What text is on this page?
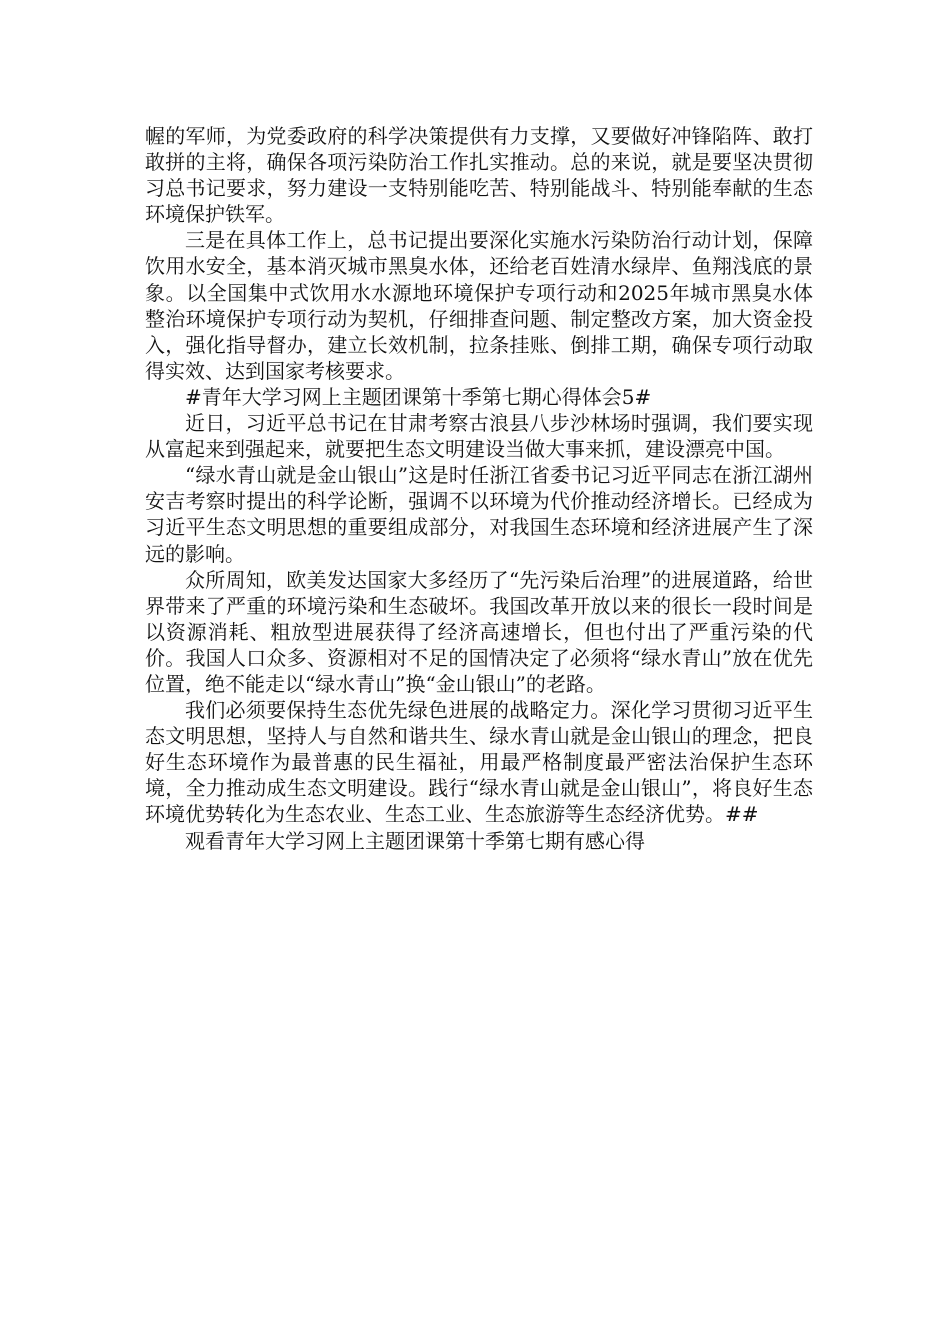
幄的军师，为党委政府的科学决策提供有力支撑，又要做好冲锋陷阵、敢打敢拼的主将，确保各项污染防治工作扎实推动。总的来说，就是要坚决贯彻习总书记要求，努力建设一支特别能吃苦、特别能战斗、特别能奉献的生态环境保护铁军。

三是在具体工作上，总书记提出要深化实施水污染防治行动计划，保障饮用水安全，基本消灭城市黑臭水体，还给老百姓清水绿岸、鱼翔浅底的景象。以全国集中式饮用水水源地环境保护专项行动和2025年城市黑臭水体整治环境保护专项行动为契机，仔细排查问题、制定整改方案，加大资金投入，强化指导督办，建立长效机制，拉条挂账、倒排工期，确保专项行动取得实效、达到国家考核要求。

#青年大学习网上主题团课第十季第七期心得体会5#

近日，习近平总书记在甘肃考察古浪县八步沙林场时强调，我们要实现从富起来到强起来，就要把生态文明建设当做大事来抓，建设漂亮中国。

“绿水青山就是金山银山”这是时任浙江省委书记习近平同志在浙江湖州安吉考察时提出的科学论断，强调不以环境为代价推动经济增长。已经成为习近平生态文明思想的重要组成部分，对我国生态环境和经济进展产生了深远的影响。

众所周知，欧美发达国家大多经历了“先污染后治理”的进展道路，给世界带来了严重的环境污染和生态破坏。我国改革开放以来的很长一段时间是以资源消耗、粗放型进展获得了经济高速增长，但也付出了严重污染的代价。我国人口众多、资源相对不足的国情决定了必须将“绿水青山”放在优先位置，绝不能走以“绿水青山”换“金山银山”的老路。

我们必须要保持生态优先绿色进展的战略定力。深化学习贯彻习近平生态文明思想，坚持人与自然和谐共生、绿水青山就是金山银山的理念，把良好生态环境作为最普惠的民生福祉，用最严格制度最严密法治保护生态环境，全力推动成生态文明建设。践行“绿水青山就是金山银山”，将良好生态环境优势转化为生态农业、生态工业、生态旅游等生态经济优势。##

观看青年大学习网上主题团课第十季第七期有感心得
